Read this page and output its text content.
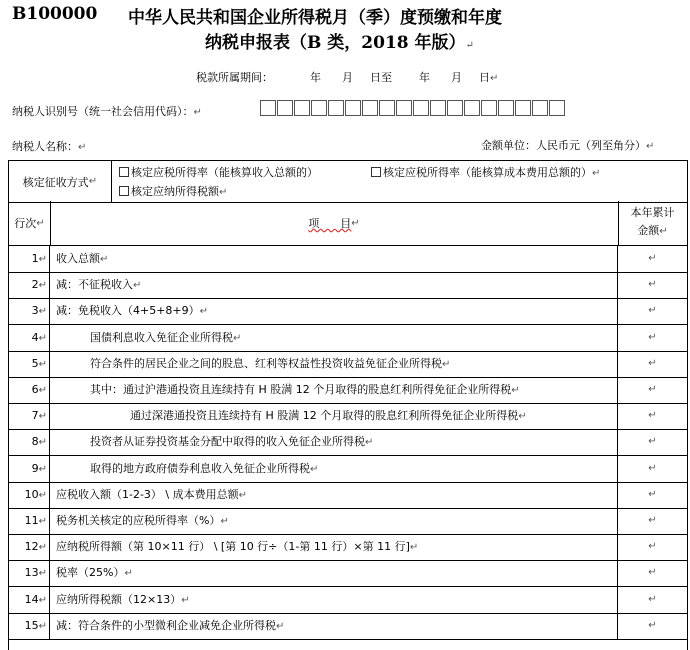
B100000 中华人民共和国企业所得税月（季）度预缴和年度
纳税申报表（B 类，2018 年版）↵
税款所属期间：	年 月 日至 年 月 日↵
纳税人识别号（统一社会信用代码）：↵
纳税人名称：↵	金额单位：人民币元（列至角分）↵
核定征收方式 ↵
核定应税所得率（能核算收入总额的）	核定应税所得率（能核算成本费用总额的）↵
核定应纳所得税额↵
行次 ↵	项      目 ↵
本年累计
金额↵
1↵ 收入总额↵	↵
2↵ 减：不征税收入↵	↵
3↵ 减：免税收入（4+5+8+9）↵	↵
4↵	国债利息收入免征企业所得税↵	↵
5↵	符合条件的居民企业之间的股息、红利等权益性投资收益免征企业所得税↵	↵
6↵	其中：通过沪港通投资且连续持有 H 股满 12 个月取得的股息红利所得免征企业所得税↵	↵
7↵	通过深港通投资且连续持有 H 股满 12 个月取得的股息红利所得免征企业所得税↵	↵
8↵	投资者从证券投资基金分配中取得的收入免征企业所得税↵	↵
9↵	取得的地方政府债券利息收入免征企业所得税↵	↵
10↵ 应税收入额（1-2-3） \ 成本费用总额↵	↵
11↵ 税务机关核定的应税所得率（%）↵	↵
12↵ 应纳税所得额（第 10×11 行） \ [第 10 行÷（1-第 11 行）×第 11 行]↵	↵
13↵ 税率（25%）↵	↵
14↵ 应纳所得税额（12×13）↵	↵
15↵ 减：符合条件的小型微利企业减免企业所得税↵	↵
